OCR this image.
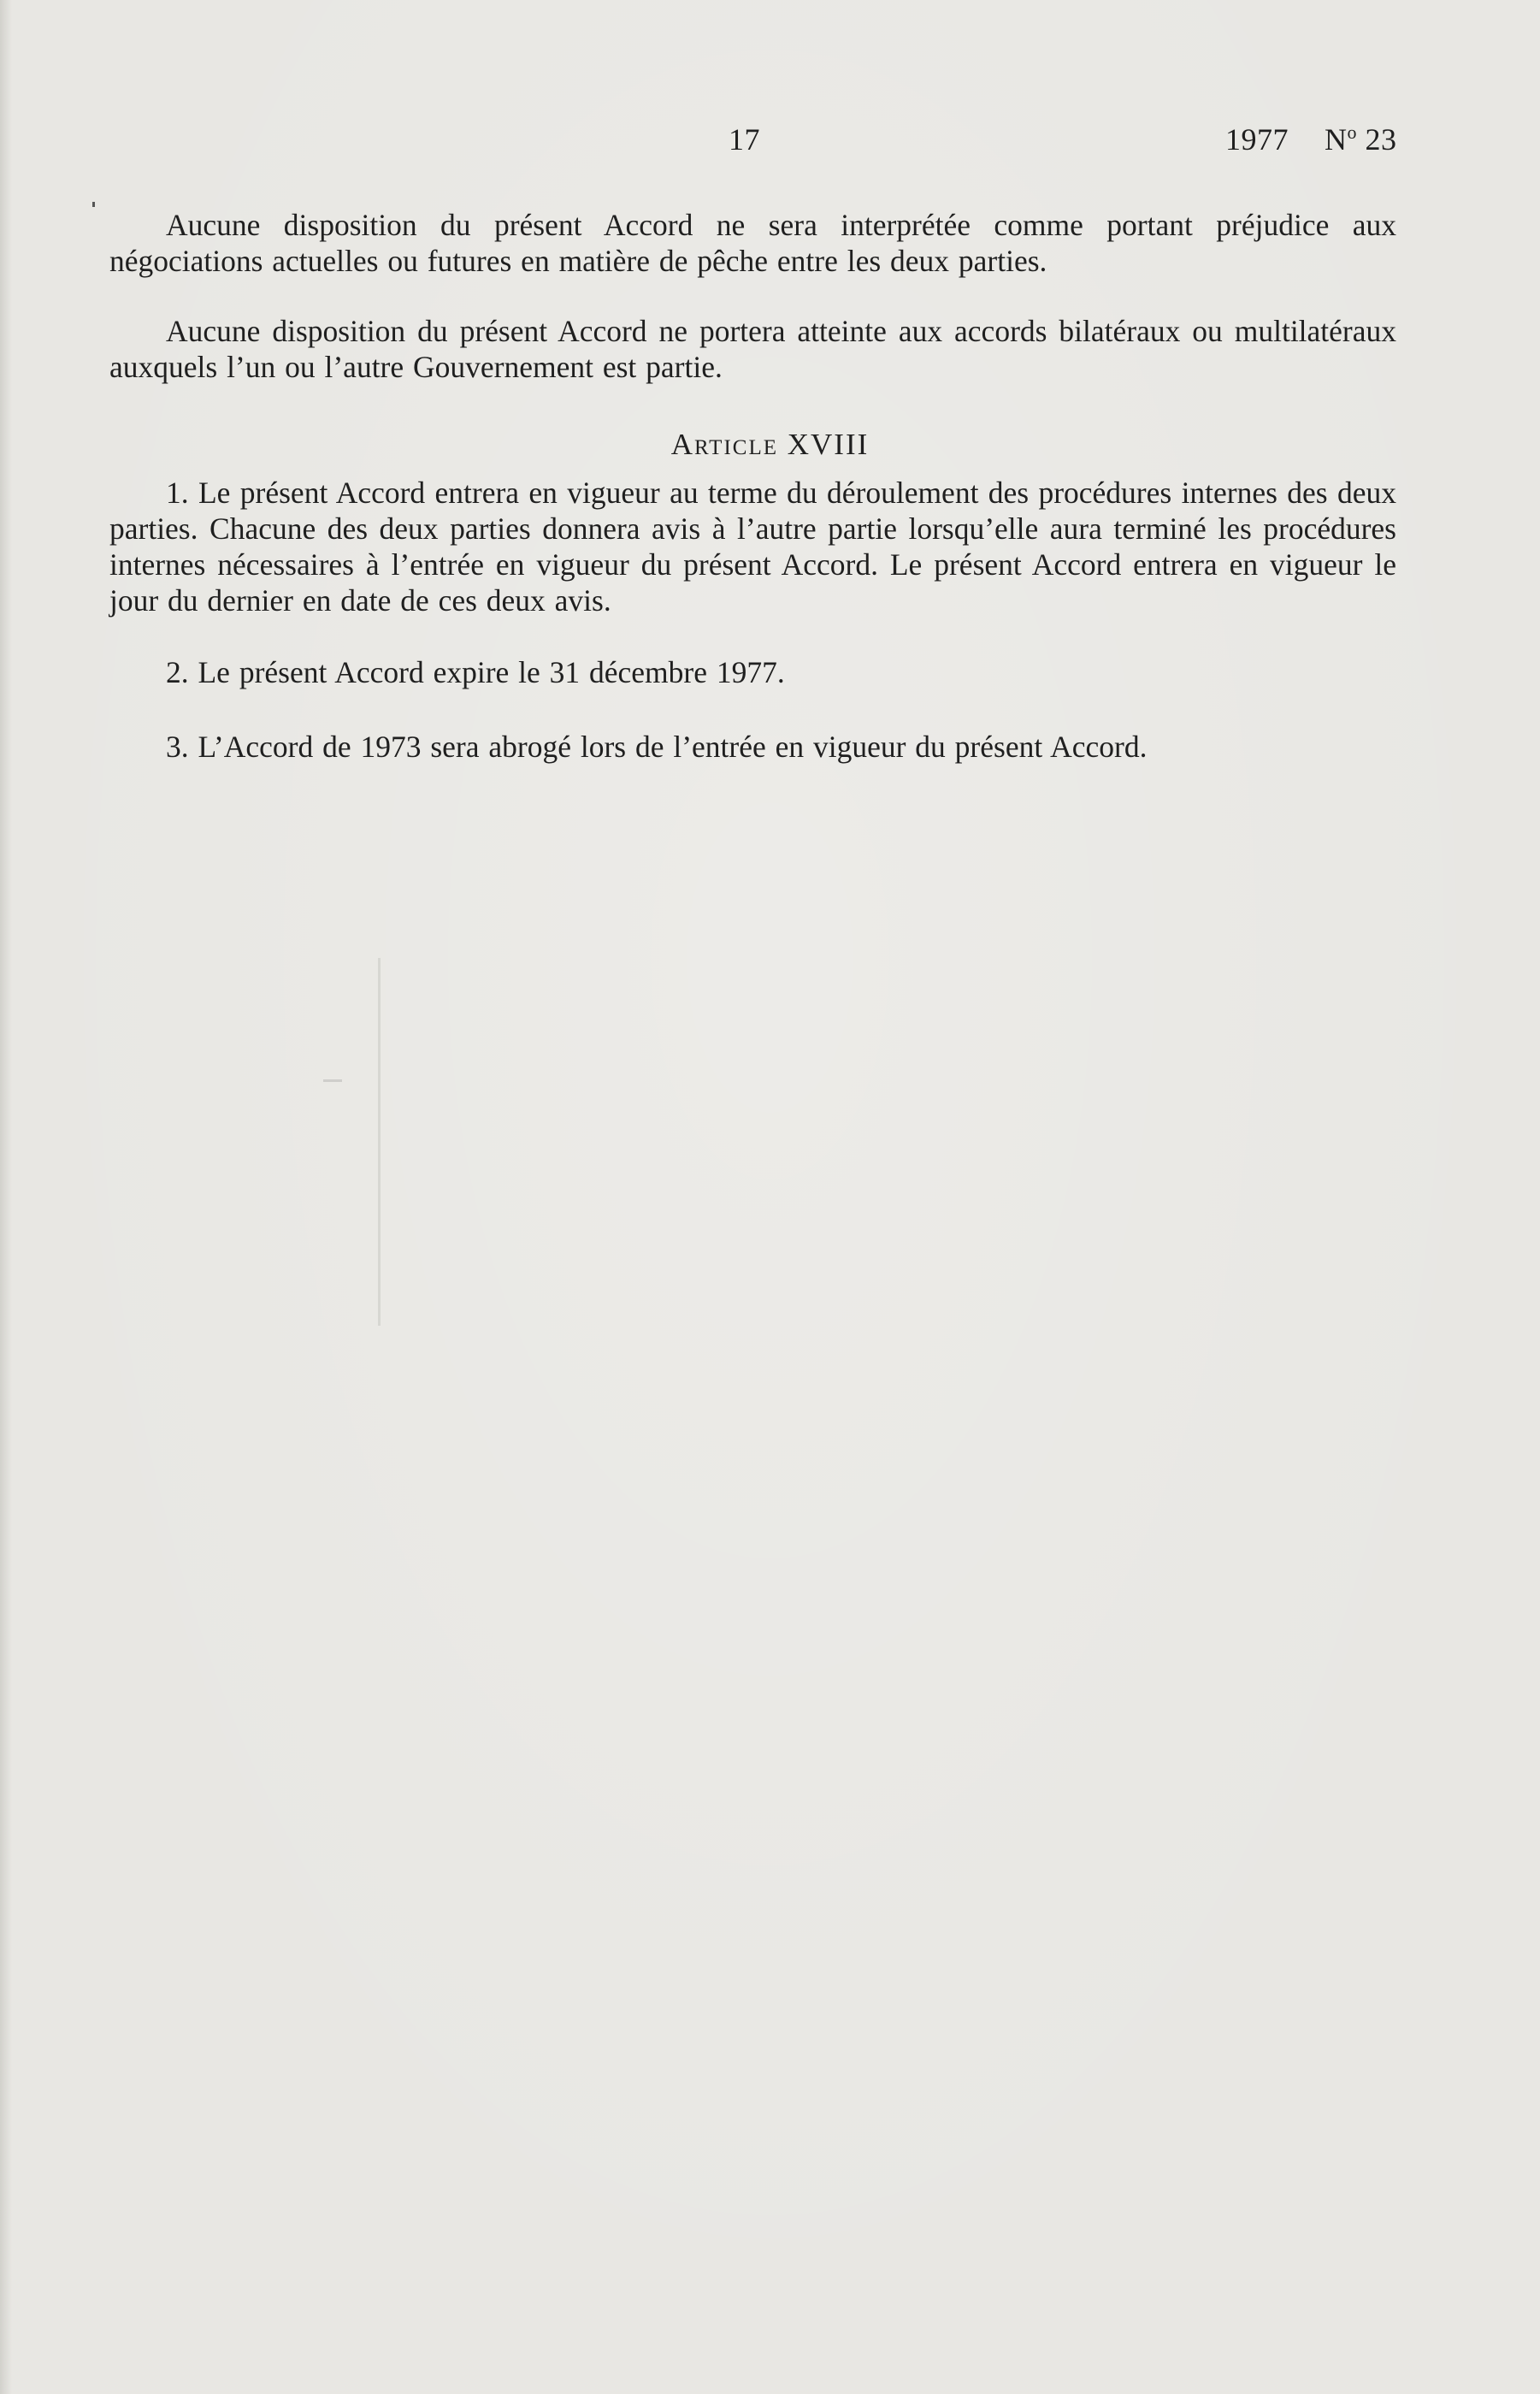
17	1977 $N^o$ 23
Aucune disposition du présent Accord ne sera interprétée comme portant préjudice aux négociations actuelles ou futures en matière de pêche entre les deux parties.
Aucune disposition du présent Accord ne portera atteinte aux accords bilatéraux ou multilatéraux auxquels l’un ou l’autre Gouvernement est partie.
Article XVIII
1. Le présent Accord entrera en vigueur au terme du déroulement des procédures internes des deux parties. Chacune des deux parties donnera avis à l’autre partie lorsqu’elle aura terminé les procédures internes nécessaires à l’entrée en vigueur du présent Accord. Le présent Accord entrera en vigueur le jour du dernier en date de ces deux avis.
2. Le présent Accord expire le 31 décembre 1977.
3. L’Accord de 1973 sera abrogé lors de l’entrée en vigueur du présent Accord.
